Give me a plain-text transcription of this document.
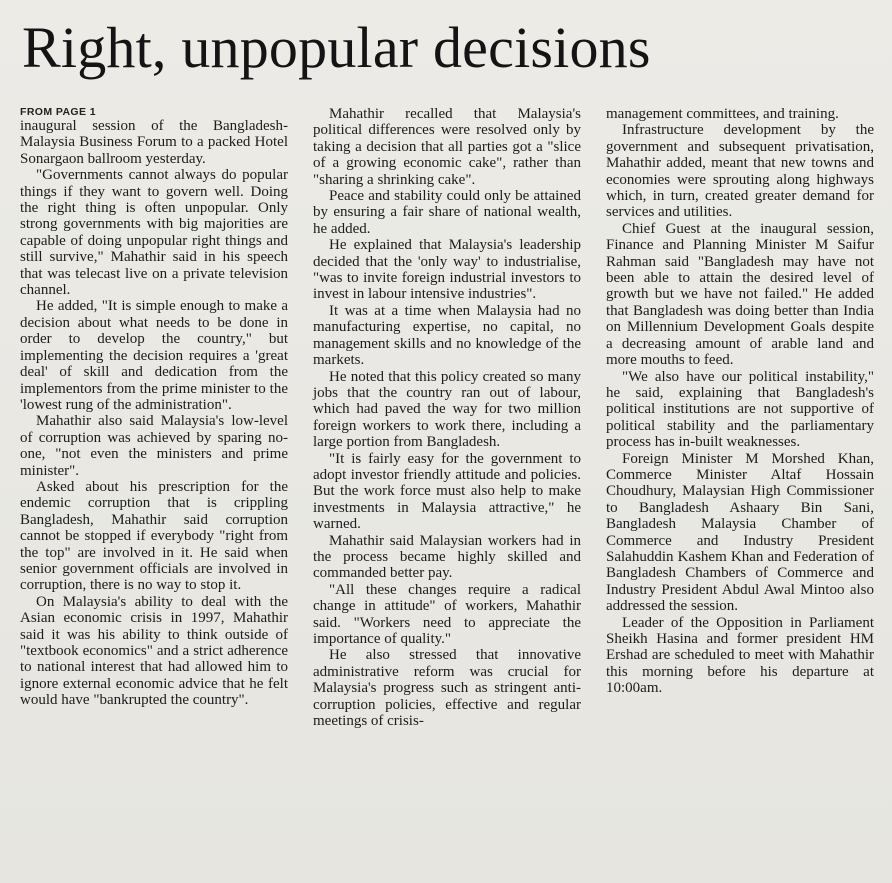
Right, unpopular decisions
FROM PAGE 1

inaugural session of the Bangladesh-Malaysia Business Forum to a packed Hotel Sonargaon ballroom yesterday.

"Governments cannot always do popular things if they want to govern well. Doing the right thing is often unpopular. Only strong governments with big majorities are capable of doing unpopular right things and still survive," Mahathir said in his speech that was telecast live on a private television channel.

He added, "It is simple enough to make a decision about what needs to be done in order to develop the country," but implementing the decision requires a 'great deal' of skill and dedication from the implementors from the prime minister to the 'lowest rung of the administration".

Mahathir also said Malaysia's low-level of corruption was achieved by sparing no-one, "not even the ministers and prime minister".

Asked about his prescription for the endemic corruption that is crippling Bangladesh, Mahathir said corruption cannot be stopped if everybody "right from the top" are involved in it. He said when senior government officials are involved in corruption, there is no way to stop it.

On Malaysia's ability to deal with the Asian economic crisis in 1997, Mahathir said it was his ability to think outside of "textbook economics" and a strict adherence to national interest that had allowed him to ignore external economic advice that he felt would have "bankrupted the country".

Mahathir recalled that Malaysia's political differences were resolved only by taking a decision that all parties got a "slice of a growing economic cake", rather than "sharing a shrinking cake".

Peace and stability could only be attained by ensuring a fair share of national wealth, he added.

He explained that Malaysia's leadership decided that the 'only way' to industrialise, "was to invite foreign industrial investors to invest in labour intensive industries".

It was at a time when Malaysia had no manufacturing expertise, no capital, no management skills and no knowledge of the markets.

He noted that this policy created so many jobs that the country ran out of labour, which had paved the way for two million foreign workers to work there, including a large portion from Bangladesh.

"It is fairly easy for the government to adopt investor friendly attitude and policies. But the work force must also help to make investments in Malaysia attractive," he warned.

Mahathir said Malaysian workers had in the process became highly skilled and commanded better pay.

"All these changes require a radical change in attitude" of workers, Mahathir said. "Workers need to appreciate the importance of quality."

He also stressed that innovative administrative reform was crucial for Malaysia's progress such as stringent anti-corruption policies, effective and regular meetings of crisis-

management committees, and training.

Infrastructure development by the government and subsequent privatisation, Mahathir added, meant that new towns and economies were sprouting along highways which, in turn, created greater demand for services and utilities.

Chief Guest at the inaugural session, Finance and Planning Minister M Saifur Rahman said "Bangladesh may have not been able to attain the desired level of growth but we have not failed." He added that Bangladesh was doing better than India on Millennium Development Goals despite a decreasing amount of arable land and more mouths to feed.

"We also have our political instability," he said, explaining that Bangladesh's political institutions are not supportive of political stability and the parliamentary process has in-built weaknesses.

Foreign Minister M Morshed Khan, Commerce Minister Altaf Hossain Choudhury, Malaysian High Commissioner to Bangladesh Ashaary Bin Sani, Bangladesh Malaysia Chamber of Commerce and Industry President Salahuddin Kashem Khan and Federation of Bangladesh Chambers of Commerce and Industry President Abdul Awal Mintoo also addressed the session.

Leader of the Opposition in Parliament Sheikh Hasina and former president HM Ershad are scheduled to meet with Mahathir this morning before his departure at 10:00am.
